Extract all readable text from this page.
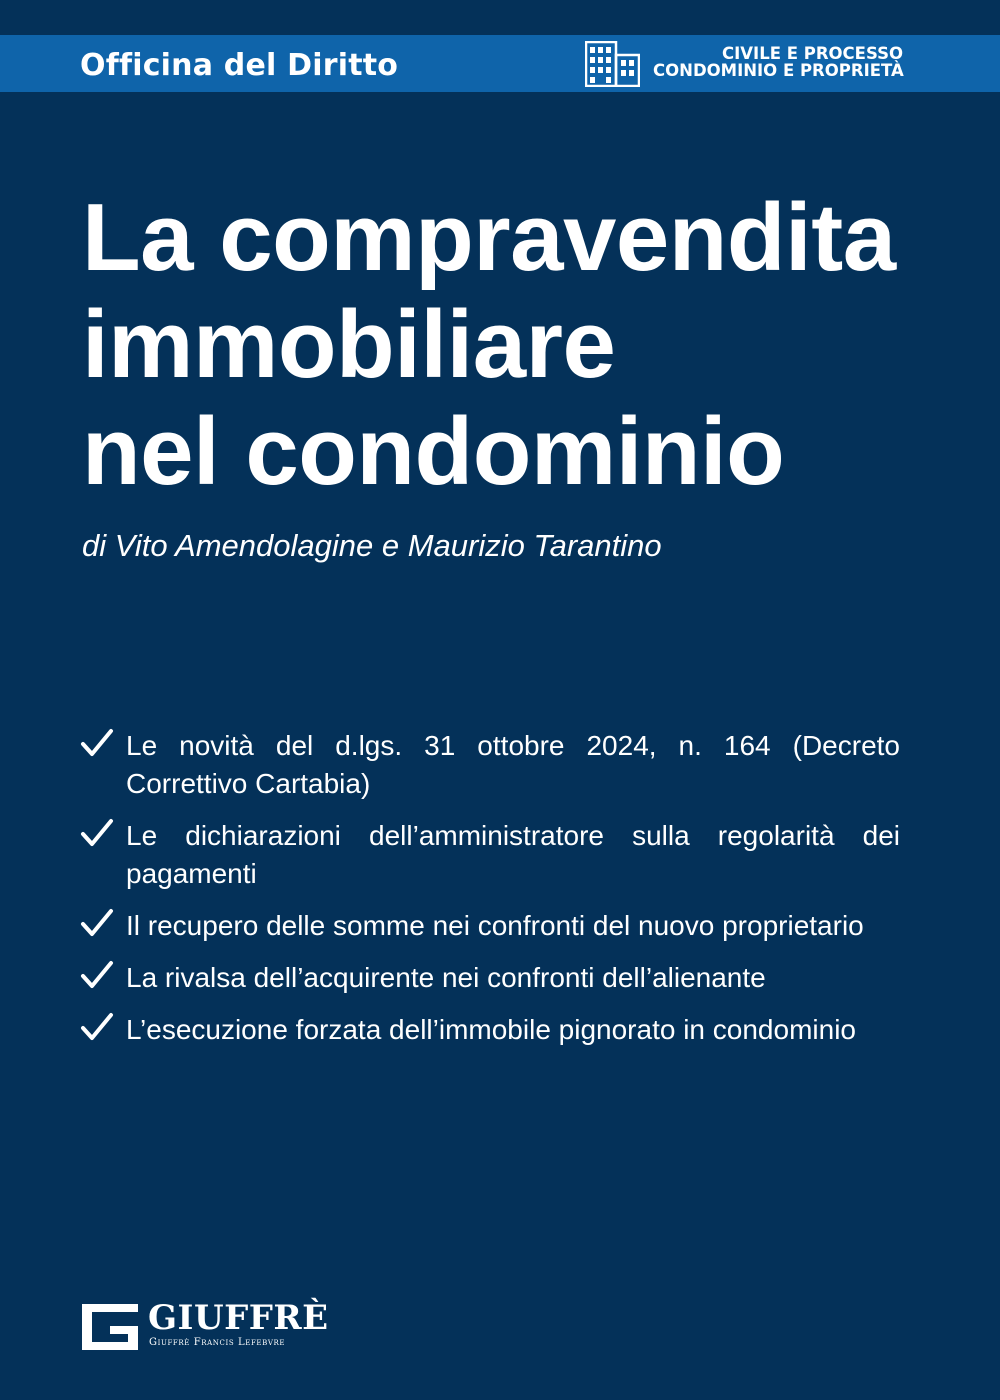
Officina del Diritto	CIVILE E PROCESSO
CONDOMINIO E PROPRIETÀ
La compravendita
immobiliare
nel condominio
di Vito Amendolagine e Maurizio Tarantino
Le novità del d.lgs. 31 ottobre 2024, n. 164 (Decreto Correttivo Cartabia)
Le dichiarazioni dell’amministratore sulla regolarità dei pagamenti
Il recupero delle somme nei confronti del nuovo proprietario
La rivalsa dell’acquirente nei confronti dell’alienante
L’esecuzione forzata dell’immobile pignorato in condominio
GIUFFRÈ
Giuffrè Francis Lefebvre
